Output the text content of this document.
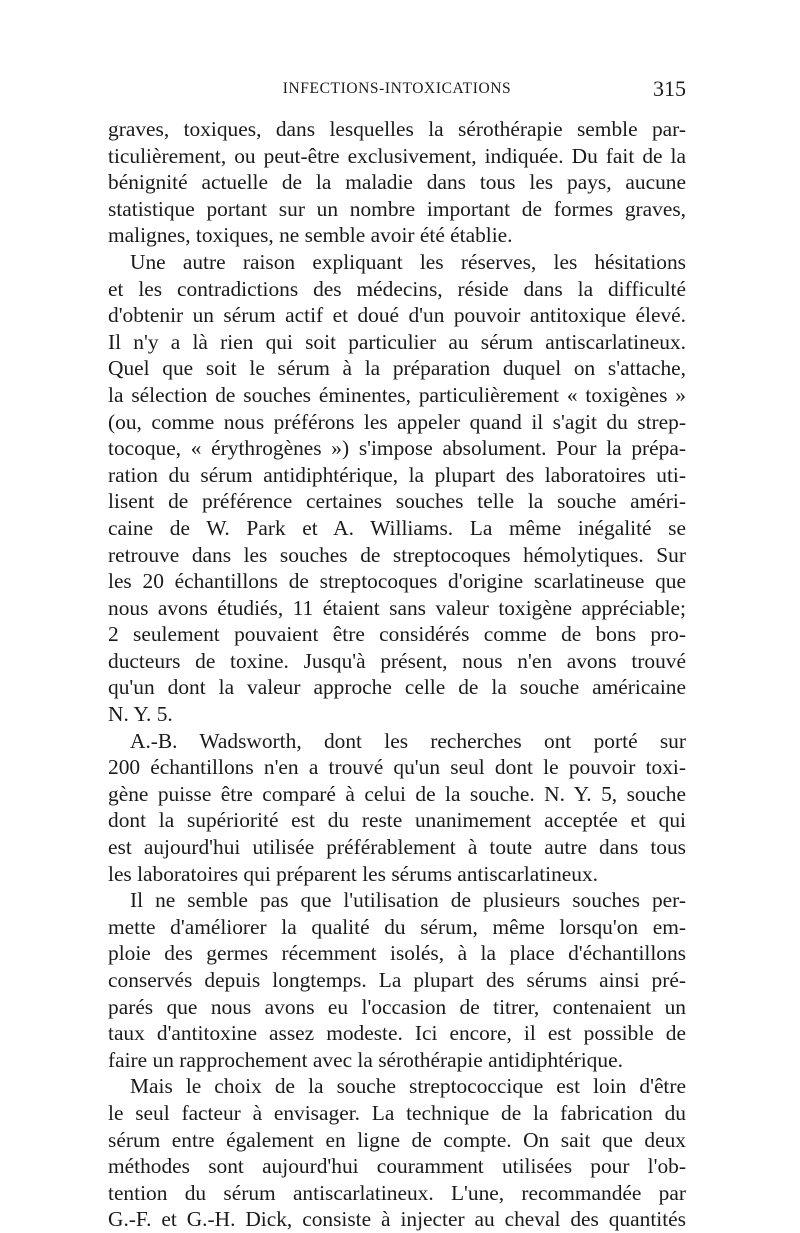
INFECTIONS-INTOXICATIONS	315
graves, toxiques, dans lesquelles la sérothérapie semble par-
ticulièrement, ou peut-être exclusivement, indiquée. Du fait de la
bénignité actuelle de la maladie dans tous les pays, aucune
statistique portant sur un nombre important de formes graves,
malignes, toxiques, ne semble avoir été établie.
Une autre raison expliquant les réserves, les hésitations
et les contradictions des médecins, réside dans la difficulté
d'obtenir un sérum actif et doué d'un pouvoir antitoxique élevé.
Il n'y a là rien qui soit particulier au sérum antiscarlatineux.
Quel que soit le sérum à la préparation duquel on s'attache,
la sélection de souches éminentes, particulièrement « toxigènes »
(ou, comme nous préférons les appeler quand il s'agit du strep-
tocoque, « érythrogènes ») s'impose absolument. Pour la prépa-
ration du sérum antidiphtérique, la plupart des laboratoires uti-
lisent de préférence certaines souches telle la souche améri-
caine de W. Park et A. Williams. La même inégalité se
retrouve dans les souches de streptocoques hémolytiques. Sur
les 20 échantillons de streptocoques d'origine scarlatineuse que
nous avons étudiés, 11 étaient sans valeur toxigène appréciable;
2 seulement pouvaient être considérés comme de bons pro-
ducteurs de toxine. Jusqu'à présent, nous n'en avons trouvé
qu'un dont la valeur approche celle de la souche américaine
N. Y. 5.
A.-B. Wadsworth, dont les recherches ont porté sur
200 échantillons n'en a trouvé qu'un seul dont le pouvoir toxi-
gène puisse être comparé à celui de la souche. N. Y. 5, souche
dont la supériorité est du reste unanimement acceptée et qui
est aujourd'hui utilisée préférablement à toute autre dans tous
les laboratoires qui préparent les sérums antiscarlatineux.
Il ne semble pas que l'utilisation de plusieurs souches per-
mette d'améliorer la qualité du sérum, même lorsqu'on em-
ploie des germes récemment isolés, à la place d'échantillons
conservés depuis longtemps. La plupart des sérums ainsi pré-
parés que nous avons eu l'occasion de titrer, contenaient un
taux d'antitoxine assez modeste. Ici encore, il est possible de
faire un rapprochement avec la sérothérapie antidiphtérique.
Mais le choix de la souche streptococcique est loin d'être
le seul facteur à envisager. La technique de la fabrication du
sérum entre également en ligne de compte. On sait que deux
méthodes sont aujourd'hui couramment utilisées pour l'ob-
tention du sérum antiscarlatineux. L'une, recommandée par
G.-F. et G.-H. Dick, consiste à injecter au cheval des quantités
